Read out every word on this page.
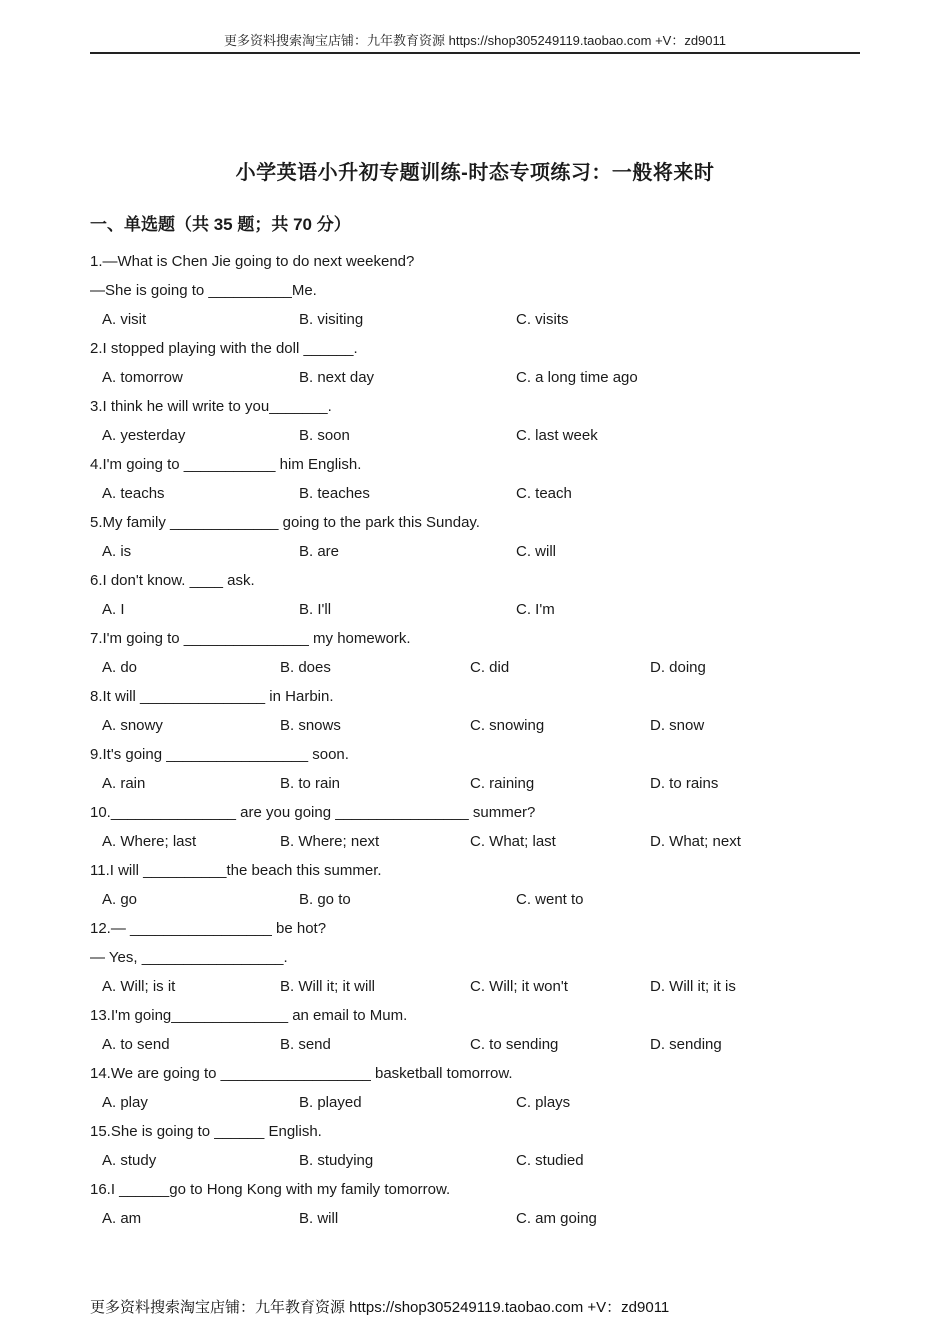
更多资料搜索淘宝店铺：九年教育资源 https://shop305249119.taobao.com +V：zd9011
小学英语小升初专题训练-时态专项练习：一般将来时
一、单选题（共 35 题；共 70 分）
1.—What is Chen Jie going to do next weekend?
—She is going to __________Me.
A. visit	B. visiting	C. visits
2.I stopped playing with the doll ______.
A. tomorrow	B. next day	C. a long time ago
3.I think he will write to you_______.
A. yesterday	B. soon	C. last week
4.I'm going to ___________ him English.
A. teachs	B. teaches	C. teach
5.My family _____________ going to the park this Sunday.
A. is	B. are	C. will
6.I don't know. ____ ask.
A. I	B. I'll	C. I'm
7.I'm going to _______________ my homework.
A. do	B. does	C. did	D. doing
8.It will _______________ in Harbin.
A. snowy	B. snows	C. snowing	D. snow
9.It's going _________________ soon.
A. rain	B. to rain	C. raining	D. to rains
10._______________ are you going ________________ summer?
A. Where; last	B. Where; next	C. What; last	D. What; next
11.I will __________the beach this summer.
A. go	B. go to	C. went to
12.— _________________ be hot?
— Yes, _________________.
A. Will; is it	B. Will it; it will	C. Will; it won't	D. Will it; it is
13.I'm going______________ an email to Mum.
A. to send	B. send	C. to sending	D. sending
14.We are going to __________________ basketball tomorrow.
A. play	B. played	C. plays
15.She is going to ______ English.
A. study	B. studying	C. studied
16.I ______go to Hong Kong with my family tomorrow.
A. am	B. will	C. am going
更多资料搜索淘宝店铺：九年教育资源 https://shop305249119.taobao.com +V：zd9011
